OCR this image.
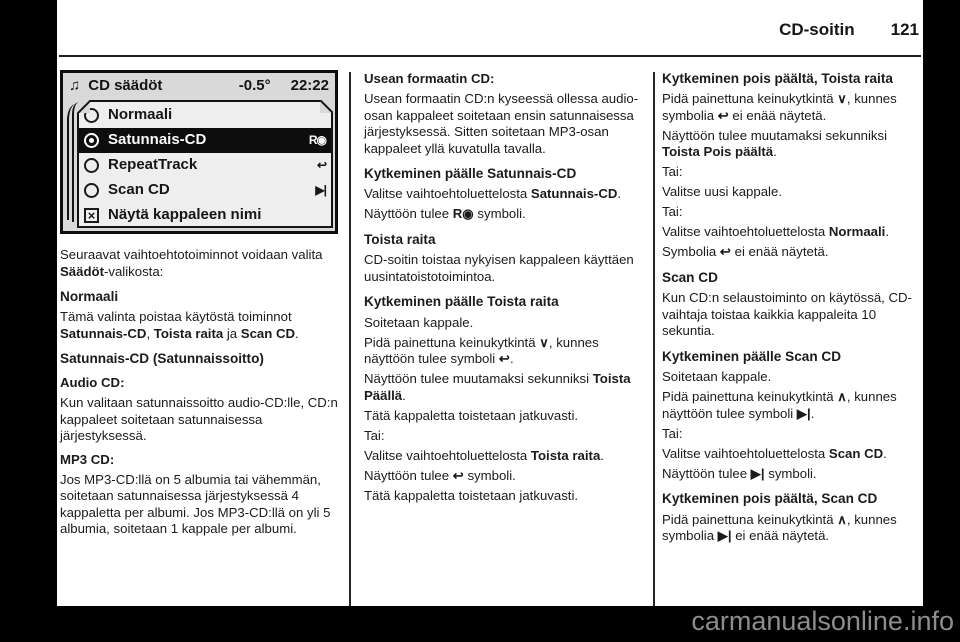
CD-soitin 121
♫ CD säädöt	-0.5° 22:22
Normaali
Satunnais-CD	R◉
RepeatTrack	↩
Scan CD	▶|
× Näytä kappaleen nimi

Seuraavat vaihtoehtotoiminnot voidaan valita Säädöt-valikosta:

Normaali

Tämä valinta poistaa käytöstä toiminnot Satunnais-CD, Toista raita ja Scan CD.

Satunnais-CD (Satunnaissoitto)
Audio CD:

Kun valitaan satunnaissoitto audio-CD:lle, CD:n kappaleet soitetaan satunnaisessa järjestyksessä.

MP3 CD:

Jos MP3-CD:llä on 5 albumia tai vähemmän, soitetaan satunnaisessa järjestyksessä 4 kappaletta per albumi. Jos MP3-CD:llä on yli 5 albumia, soitetaan 1 kappale per albumi.

Usean formaatin CD:

Usean formaatin CD:n kyseessä ollessa audio-osan kappaleet soitetaan ensin satunnaisessa järjestyksessä. Sitten soitetaan MP3-osan kappaleet yllä kuvatulla tavalla.

Kytkeminen päälle Satunnais-CD

Valitse vaihtoehtoluettelosta Satunnais-CD.

Näyttöön tulee R◉ symboli.

Toista raita

CD-soitin toistaa nykyisen kappaleen käyttäen uusintatoistotoimintoa.

Kytkeminen päälle Toista raita

Soitetaan kappale.

Pidä painettuna keinukytkintä ∨, kunnes näyttöön tulee symboli ↩.

Näyttöön tulee muutamaksi sekunniksi Toista Päällä.

Tätä kappaletta toistetaan jatkuvasti.

Tai:

Valitse vaihtoehtoluettelosta Toista raita.

Näyttöön tulee ↩ symboli.

Tätä kappaletta toistetaan jatkuvasti.

Kytkeminen pois päältä, Toista raita

Pidä painettuna keinukytkintä ∨, kunnes symbolia ↩ ei enää näytetä.

Näyttöön tulee muutamaksi sekunniksi Toista Pois päältä.

Tai:

Valitse uusi kappale.

Tai:

Valitse vaihtoehtoluettelosta Normaali.

Symbolia ↩ ei enää näytetä.

Scan CD

Kun CD:n selaustoiminto on käytössä, CD-vaihtaja toistaa kaikkia kappaleita 10 sekuntia.

Kytkeminen päälle Scan CD

Soitetaan kappale.

Pidä painettuna keinukytkintä ∧, kunnes näyttöön tulee symboli ▶|.

Tai:

Valitse vaihtoehtoluettelosta Scan CD.

Näyttöön tulee ▶| symboli.

Kytkeminen pois päältä, Scan CD

Pidä painettuna keinukytkintä ∧, kunnes symbolia ▶| ei enää näytetä.

carmanualsonline.info
